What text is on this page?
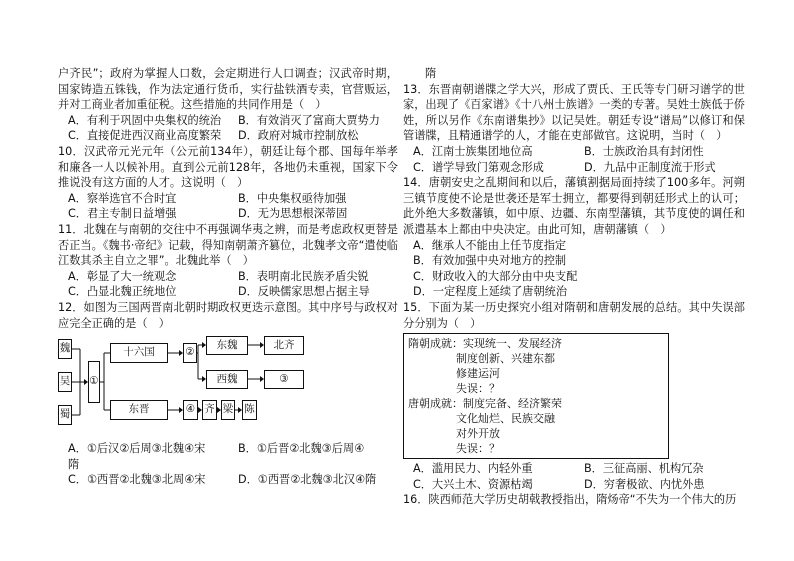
户齐民”；政府为掌握人口数，会定期进行人口调查；汉武帝时期，国家铸造五铢钱，作为法定通行货币，实行盐铁酒专卖，官营贩运，并对工商业者加重征税。这些措施的共同作用是（　）

A．有利于巩固中央集权的统治	B．有效消灭了富商大贾势力
C．直接促进西汉商业高度繁荣	D．政府对城市控制放松

10．汉武帝元光元年（公元前134年），朝廷让每个郡、国每年举孝和廉各一人以候补用。直到公元前128年，各地仍未重视，国家下令推说没有这方面的人才。这说明（　）

A．察举选官不合时宜	B．中央集权亟待加强
C．君主专制日益增强	D．无为思想根深蒂固

11．北魏在与南朝的交往中不再强调华夷之辨，而是考虑政权更替是否正当。《魏书·帝纪》记载，得知南朝萧齐篡位，北魏孝文帝“遣使临江数其杀主自立之罪”。北魏此举（　）

A．彰显了大一统观念	B．表明南北民族矛盾尖锐
C．凸显北魏正统地位	D．反映儒家思想占据主导

12．如图为三国两晋南北朝时期政权更迭示意图。其中序号与政权对应完全正确的是（　）

魏
吴
蜀
①
十六国	②
东魏	北齐
西魏	③
东晋	④ 齐 梁 陈
A．①后汉②后周③北魏④宋	B．①后晋②北魏③后周④

隋

C．①西晋②北魏③北周④宋	D．①西晋②北魏③北汉④隋

隋

13．东晋南朝谱牒之学大兴，形成了贾氏、王氏等专门研习谱学的世家，出现了《百家谱》《十八州士族谱》一类的专著。吴姓士族低于侨姓，所以另作《东南谱集抄》以记吴姓。朝廷专设“谱局”以修订和保管谱牒，且精通谱学的人，才能在吏部做官。这说明，当时（　）

A．江南士族集团地位高	B．士族政治具有封闭性
C．谱学导致门第观念形成	D．九品中正制度流于形式

14．唐朝安史之乱期间和以后，藩镇割据局面持续了100多年。河朔三镇节度使不论是世袭还是军士拥立，都要得到朝廷形式上的认可；此外绝大多数藩镇，如中原、边疆、东南型藩镇，其节度使的调任和派遣基本上都由中央决定。由此可知，唐朝藩镇（　）

A．继承人不能由上任节度指定

B．有效加强中央对地方的控制

C．财政收入的大部分由中央支配

D．一定程度上延续了唐朝统治

15．下面为某一历史探究小组对隋朝和唐朝发展的总结。其中失误部分分别为（　）

隋朝成就：实现统一、发展经济
制度创新、兴建东都
修建运河
失误：？
唐朝成就：制度完备、经济繁荣
文化灿烂、民族交融
对外开放
失误：？
A．滥用民力、内轻外重	B．三征高丽、机构冗杂
C．大兴土木、资源枯竭	D．穷奢极欲、内忧外患

16．陕西师范大学历史胡戟教授指出，隋炀帝“不失为一个伟大的历
